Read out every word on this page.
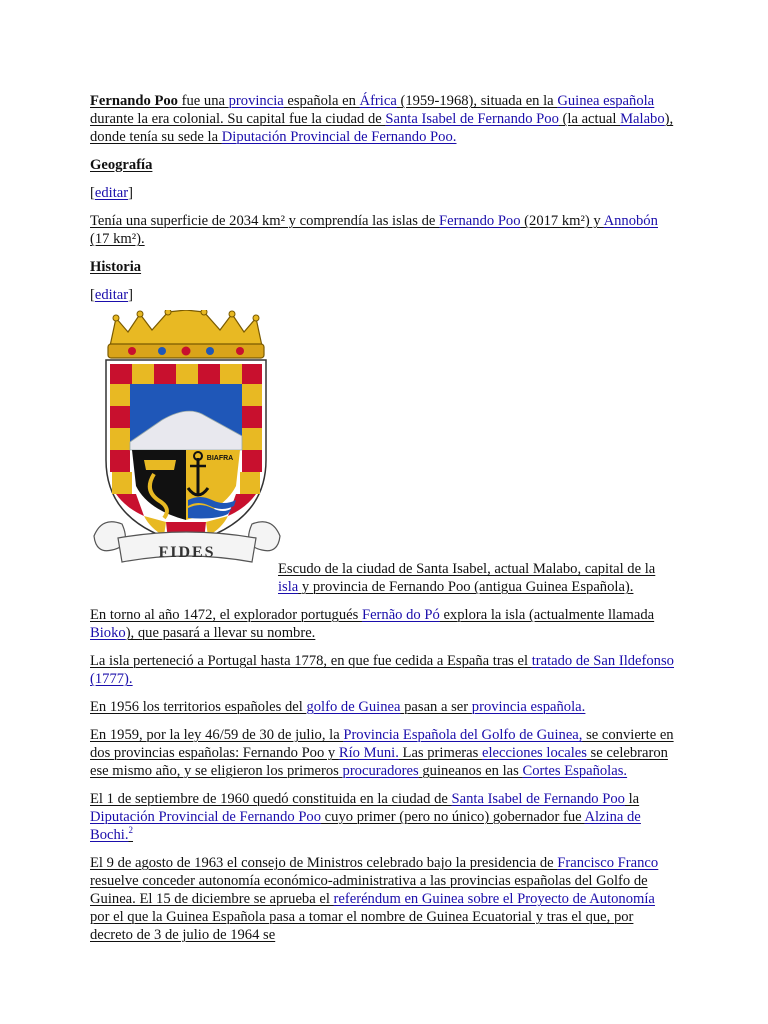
Fernando Poo fue una provincia española en África (1959-1968), situada en la Guinea española durante la era colonial. Su capital fue la ciudad de Santa Isabel de Fernando Poo (la actual Malabo), donde tenía su sede la Diputación Provincial de Fernando Poo.

Geografía

[editar]

Tenía una superficie de 2034 km² y comprendía las islas de Fernando Poo (2017 km²) y Annobón (17 km²).

Historia

[editar]

BIAFRA
FIDES

Escudo de la ciudad de Santa Isabel, actual Malabo, capital de la isla y provincia de Fernando Poo (antigua Guinea Española).

En torno al año 1472, el explorador portugués Fernão do Pó explora la isla (actualmente llamada Bioko), que pasará a llevar su nombre.

La isla perteneció a Portugal hasta 1778, en que fue cedida a España tras el tratado de San Ildefonso (1777).

En 1956 los territorios españoles del golfo de Guinea pasan a ser provincia española.

En 1959, por la ley 46/59 de 30 de julio, la Provincia Española del Golfo de Guinea, se convierte en dos provincias españolas: Fernando Poo y Río Muni. Las primeras elecciones locales se celebraron ese mismo año, y se eligieron los primeros procuradores guineanos en las Cortes Españolas.

El 1 de septiembre de 1960 quedó constituida en la ciudad de Santa Isabel de Fernando Poo la Diputación Provincial de Fernando Poo cuyo primer (pero no único) gobernador fue Alzina de Bochi.$^2$

El 9 de agosto de 1963 el consejo de Ministros celebrado bajo la presidencia de Francisco Franco resuelve conceder autonomía económico-administrativa a las provincias españolas del Golfo de Guinea. El 15 de diciembre se aprueba el referéndum en Guinea sobre el Proyecto de Autonomía por el que la Guinea Española pasa a tomar el nombre de Guinea Ecuatorial y tras el que, por decreto de 3 de julio de 1964 se
